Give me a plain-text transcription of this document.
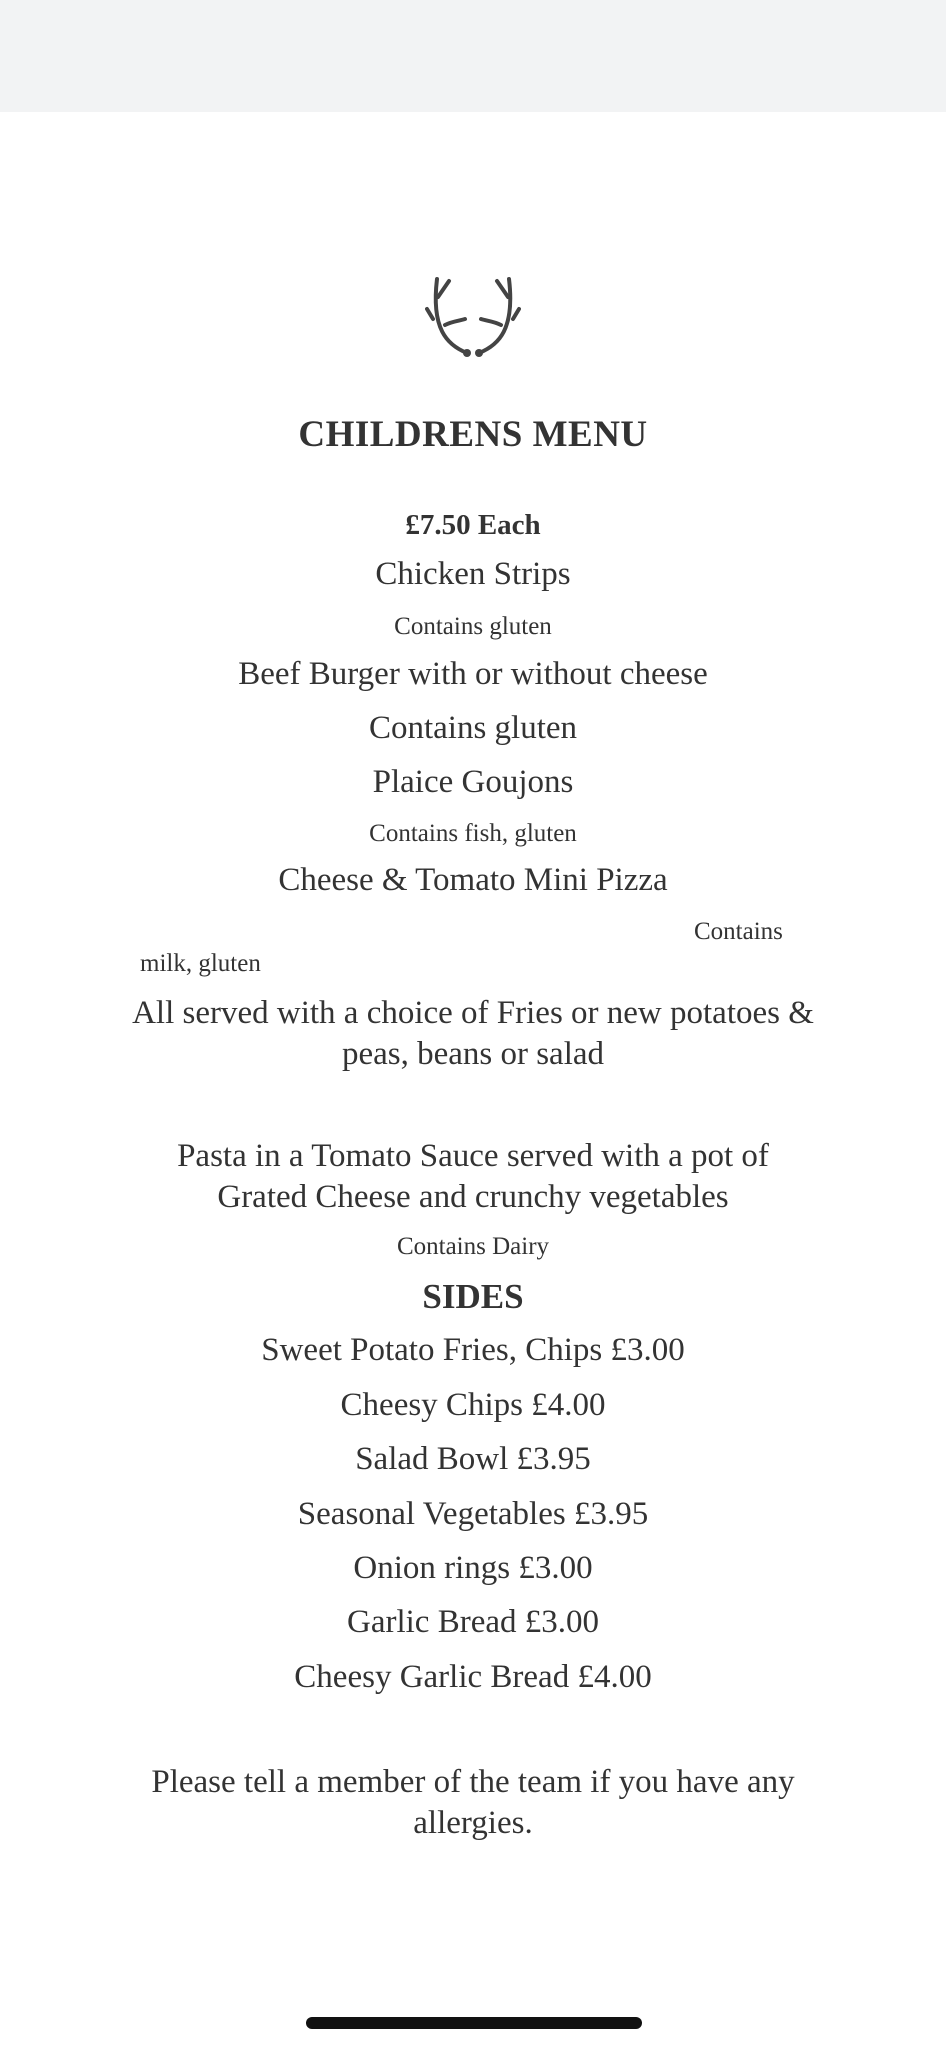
CHILDRENS MENU
£7.50 Each
Chicken Strips
Contains gluten
Beef Burger with or without cheese
Contains gluten
Plaice Goujons
Contains fish, gluten
Cheese & Tomato Mini Pizza
Contains
milk, gluten
All served with a choice of Fries or new potatoes & peas, beans or salad
Pasta in a Tomato Sauce served with a pot of Grated Cheese and crunchy vegetables
Contains Dairy
SIDES
Sweet Potato Fries, Chips £3.00
Cheesy Chips £4.00
Salad Bowl £3.95
Seasonal Vegetables £3.95
Onion rings £3.00
Garlic Bread £3.00
Cheesy Garlic Bread £4.00
Please tell a member of the team if you have any allergies.
